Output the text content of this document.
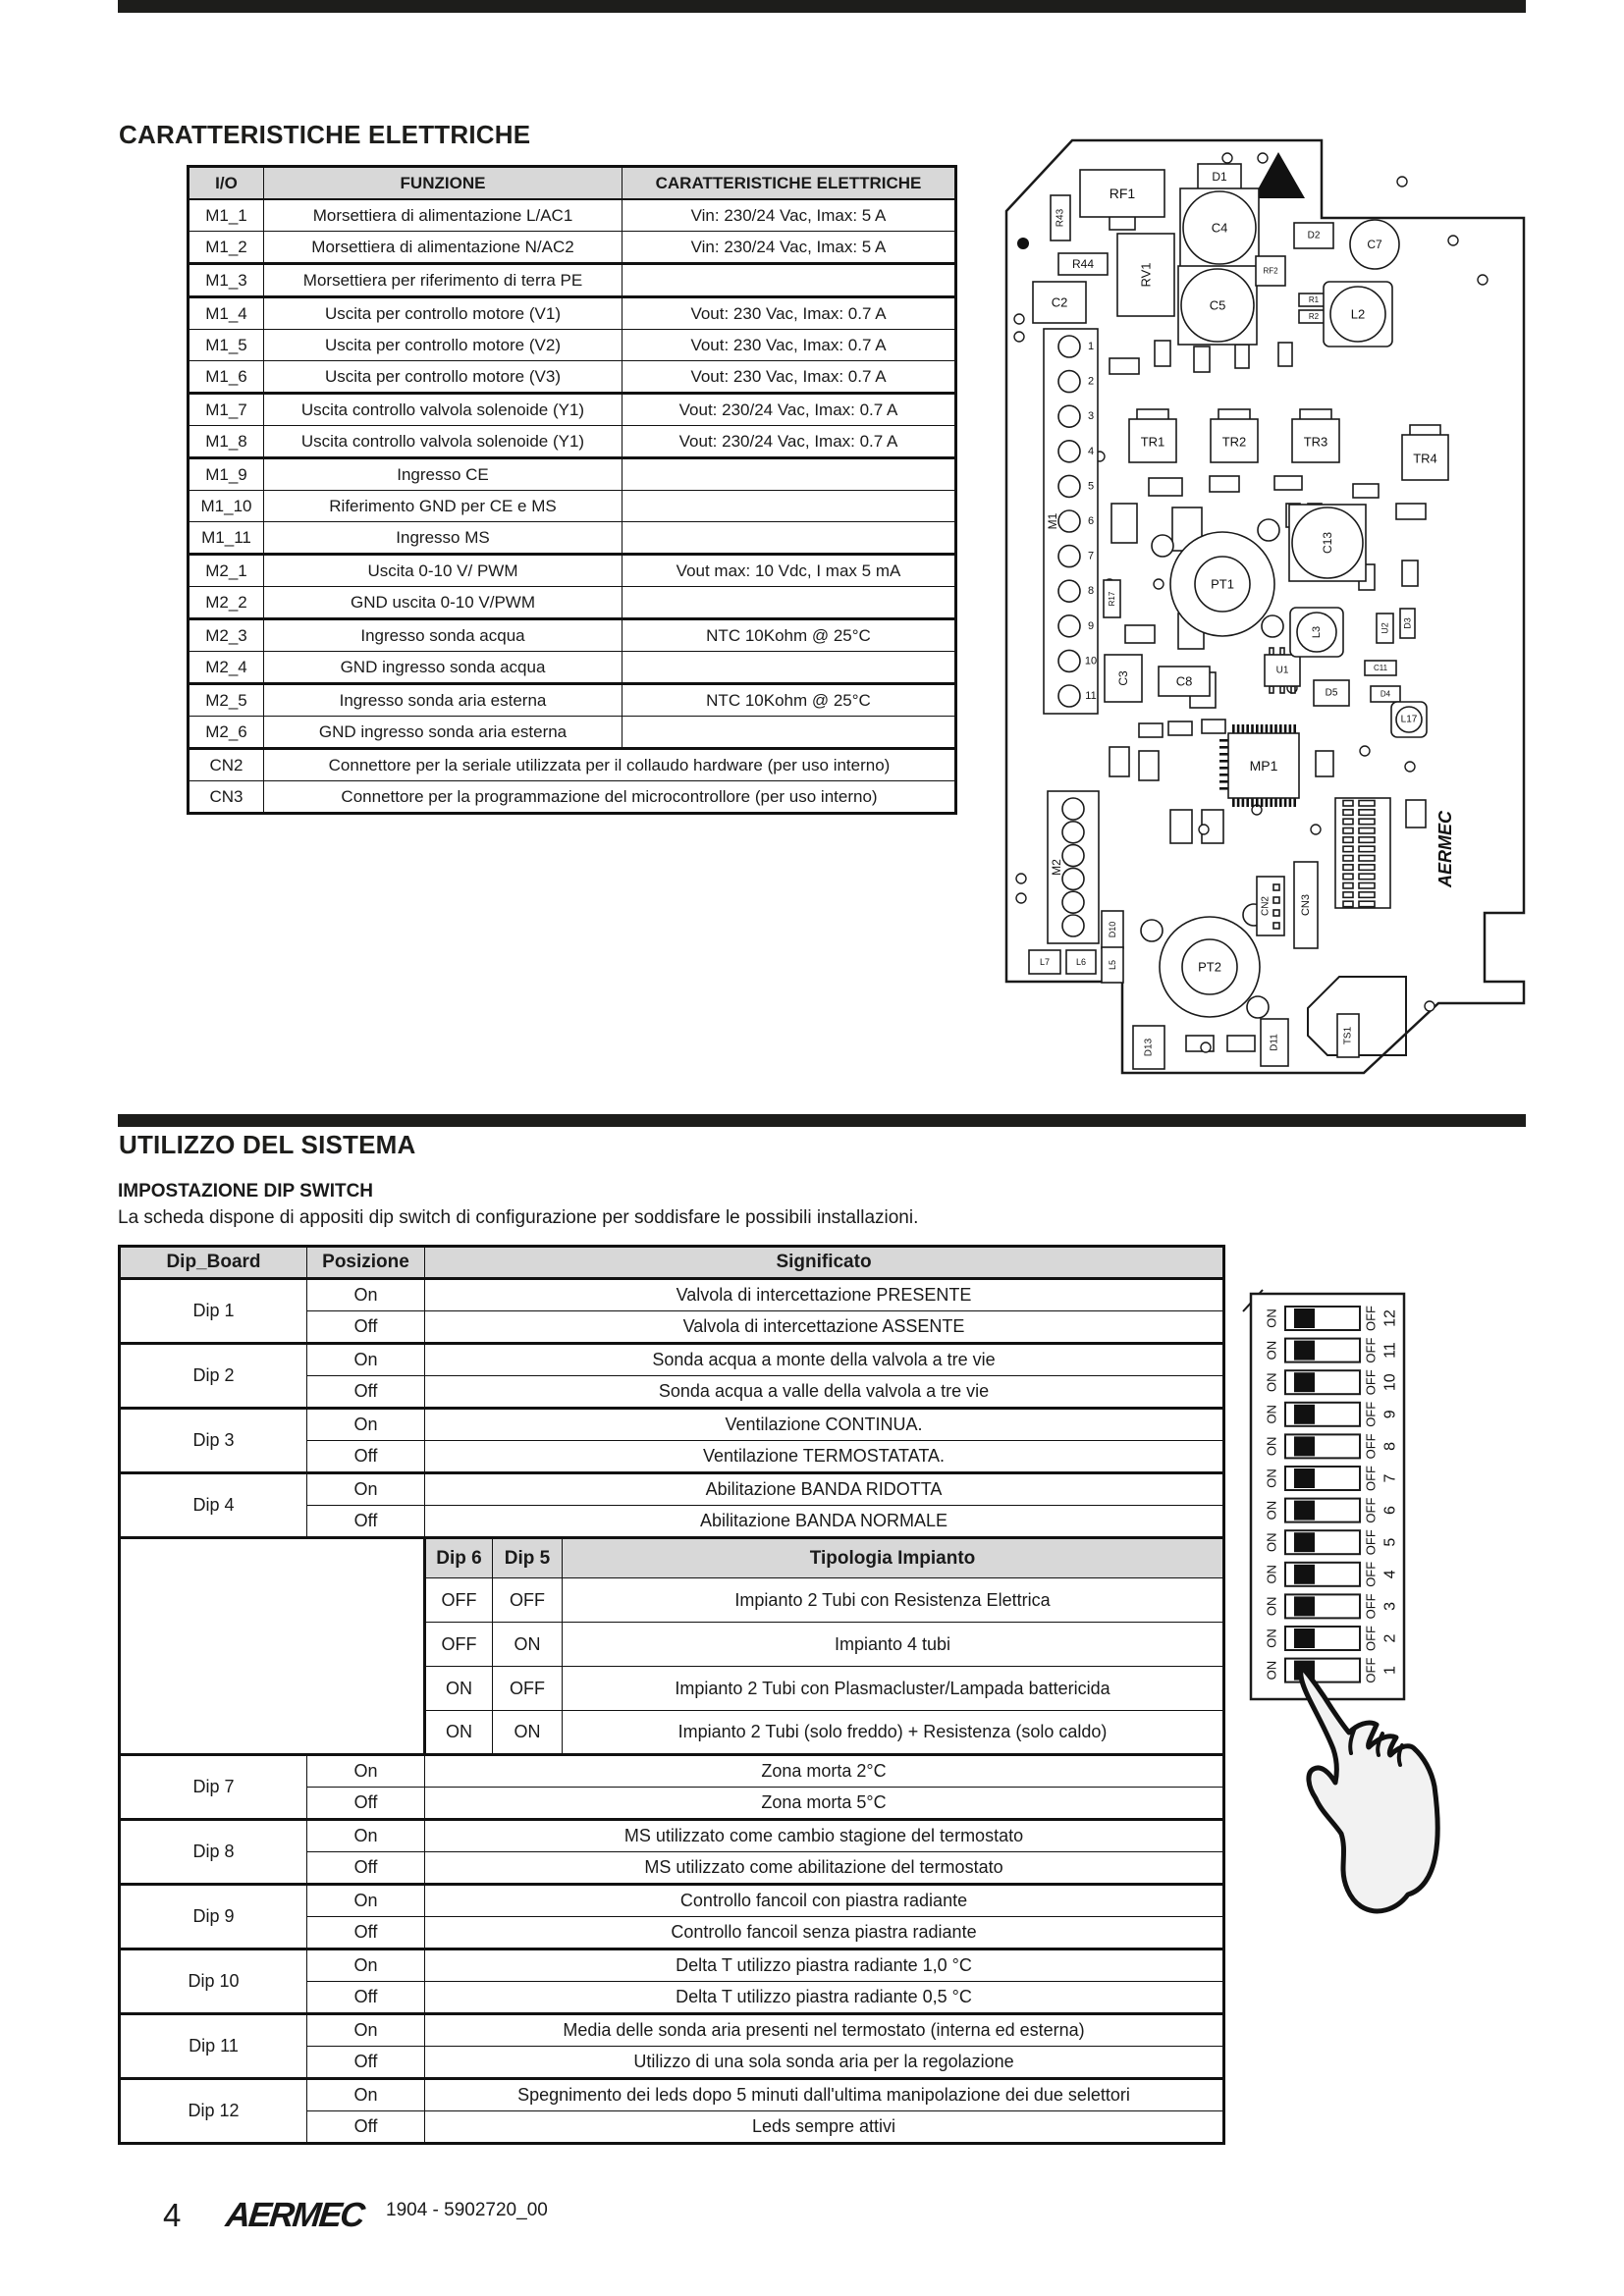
CARATTERISTICHE ELETTRICHE
I/O	FUNZIONE	CARATTERISTICHE ELETTRICHE
M1_1	Morsettiera di alimentazione L/AC1	Vin: 230/24 Vac, Imax: 5 A
M1_2	Morsettiera di alimentazione N/AC2	Vin: 230/24 Vac, Imax: 5 A
M1_3	Morsettiera per riferimento di terra PE	
M1_4	Uscita per controllo motore (V1)	Vout: 230 Vac, Imax: 0.7 A
M1_5	Uscita per controllo motore (V2)	Vout: 230 Vac, Imax: 0.7 A
M1_6	Uscita per controllo motore (V3)	Vout: 230 Vac, Imax: 0.7 A
M1_7	Uscita controllo valvola solenoide (Y1)	Vout: 230/24 Vac, Imax: 0.7 A
M1_8	Uscita controllo valvola solenoide (Y1)	Vout: 230/24 Vac, Imax: 0.7 A
M1_9	Ingresso CE	
M1_10	Riferimento GND per CE e MS	
M1_11	Ingresso MS	
M2_1	Uscita 0-10 V/ PWM	Vout max: 10 Vdc, I max 5 mA
M2_2	GND uscita 0-10 V/PWM	
M2_3	Ingresso sonda acqua	NTC 10Kohm @ 25°C
M2_4	GND ingresso sonda acqua	
M2_5	Ingresso sonda aria esterna	NTC 10Kohm @ 25°C
M2_6	GND ingresso sonda aria esterna	
CN2	Connettore per la seriale utilizzata per il collaudo hardware (per uso interno)	
CN3	Connettore per la programmazione del microcontrollore (per uso interno)	
RF1
R43
D1
C4
RV1
R44
C2	C5
D2
RF2
C7
R1
R2	L2
1
2
3
4
5
6
7
8
9
10
11
M1
C3	C8
U1
D5	D4
TR1	TR2	TR3
TR4
PT1
C13
L3
R17
U2 D3
C11
L17
MP1
M2
D10
L7	L6 L5	PT2
CN2	CN3
D13	D11	TS1
AERMEC
UTILIZZO DEL SISTEMA
IMPOSTAZIONE DIP SWITCH
La scheda dispone di appositi dip switch di configurazione per soddisfare le possibili installazioni.
Dip_Board	Posizione	Significato		
Dip 1	On	Valvola di intercettazione PRESENTE		
	Off	Valvola di intercettazione ASSENTE		
Dip 2	On	Sonda acqua a monte della valvola a tre vie		
	Off	Sonda acqua a valle della valvola a tre vie		
Dip 3	On	Ventilazione CONTINUA.		
	Off	Ventilazione TERMOSTATATA.		
Dip 4	On	Abilitazione BANDA RIDOTTA		
	Off	Abilitazione BANDA NORMALE		
		Dip 6	Dip 5	Tipologia Impianto
		OFF	OFF	Impianto 2 Tubi con Resistenza Elettrica
		OFF	ON	Impianto 4 tubi
		ON	OFF	Impianto 2 Tubi con Plasmacluster/Lampada battericida
		ON	ON	Impianto 2 Tubi (solo freddo) + Resistenza (solo caldo)
Dip 7	On	Zona morta 2°C		
	Off	Zona morta 5°C		
Dip 8	On	MS utilizzato come cambio stagione del termostato		
	Off	MS utilizzato come abilitazione del termostato		
Dip 9	On	Controllo fancoil con piastra radiante		
	Off	Controllo fancoil senza piastra radiante		
Dip 10	On	Delta T utilizzo piastra radiante 1,0 °C		
	Off	Delta T utilizzo piastra radiante 0,5 °C		
Dip 11	On	Media delle sonda aria presenti nel termostato (interna ed esterna)		
	Off	Utilizzo di una sola sonda aria per la regolazione		
Dip 12	On	Spegnimento dei leds dopo 5 minuti dall'ultima manipolazione dei due selettori		
	Off	Leds sempre attivi		
ON	OFF 1
ON	OFF 2
ON	OFF 3
ON	OFF 4
ON	OFF 5
ON	OFF 6
ON	OFF 7
ON	OFF 8
ON	OFF 9
ON	OFF 10
ON	OFF 11
ON	OFF 12
4 AERMEC 1904 - 5902720_00
